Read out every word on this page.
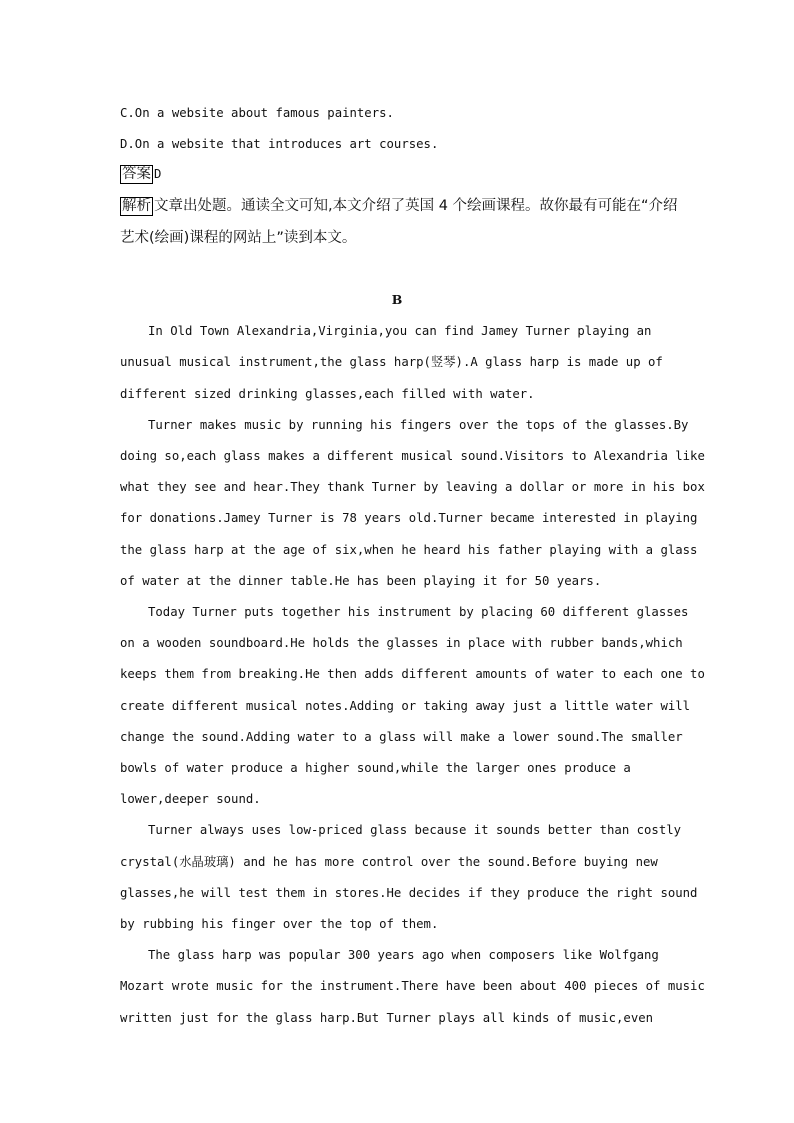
C.On a website about famous painters.
D.On a website that introduces art courses.
答案 D
解析 文章出处题。通读全文可知,本文介绍了英国 4 个绘画课程。故你最有可能在“介绍
艺术(绘画)课程的网站上”读到本文。
B
In Old Town Alexandria,Virginia,you can find Jamey Turner playing an
unusual musical instrument,the glass harp(竖琴).A glass harp is made up of
different sized drinking glasses,each filled with water.
Turner makes music by running his fingers over the tops of the glasses.By
doing so,each glass makes a different musical sound.Visitors to Alexandria like
what they see and hear.They thank Turner by leaving a dollar or more in his box
for donations.Jamey Turner is 78 years old.Turner became interested in playing
the glass harp at the age of six,when he heard his father playing with a glass
of water at the dinner table.He has been playing it for 50 years.
Today Turner puts together his instrument by placing 60 different glasses
on a wooden soundboard.He holds the glasses in place with rubber bands,which
keeps them from breaking.He then adds different amounts of water to each one to
create different musical notes.Adding or taking away just a little water will
change the sound.Adding water to a glass will make a lower sound.The smaller
bowls of water produce a higher sound,while the larger ones produce a
lower,deeper sound.
Turner always uses low-priced glass because it sounds better than costly
crystal(水晶玻璃) and he has more control over the sound.Before buying new
glasses,he will test them in stores.He decides if they produce the right sound
by rubbing his finger over the top of them.
The glass harp was popular 300 years ago when composers like Wolfgang
Mozart wrote music for the instrument.There have been about 400 pieces of music
written just for the glass harp.But Turner plays all kinds of music,even
